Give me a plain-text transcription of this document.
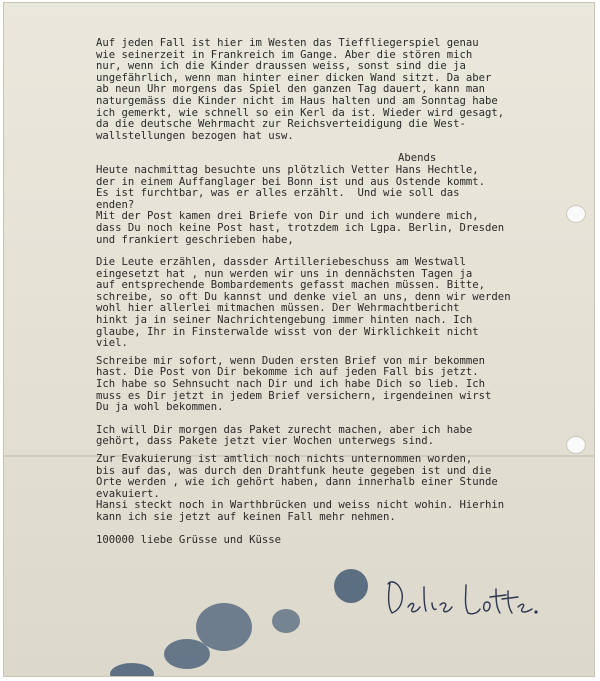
Auf jeden Fall ist hier im Westen das Tieffliegerspiel genau
wie seinerzeit in Frankreich im Gange. Aber die stören mich
nur, wenn ich die Kinder draussen weiss, sonst sind die ja
ungefährlich, wenn man hinter einer dicken Wand sitzt. Da aber
ab neun Uhr morgens das Spiel den ganzen Tag dauert, kann man
naturgemäss die Kinder nicht im Haus halten und am Sonntag habe
ich gemerkt, wie schnell so ein Kerl da ist. Wieder wird gesagt,
da die deutsche Wehrmacht zur Reichsverteidigung die West-
wallstellungen bezogen hat usw.
Abends
Heute nachmittag besuchte uns plötzlich Vetter Hans Hechtle,
der in einem Auffanglager bei Bonn ist und aus Ostende kommt.
Es ist furchtbar, was er alles erzählt.  Und wie soll das
enden?
Mit der Post kamen drei Briefe von Dir und ich wundere mich,
dass Du noch keine Post hast, trotzdem ich Lgpa. Berlin, Dresden
und frankiert geschrieben habe,
Die Leute erzählen, dassder Artilleriebeschuss am Westwall
eingesetzt hat , nun werden wir uns in dennächsten Tagen ja
auf entsprechende Bombardements gefasst machen müssen. Bitte,
schreibe, so oft Du kannst und denke viel an uns, denn wir werden
wohl hier allerlei mitmachen müssen. Der Wehrmachtbericht
hinkt ja in seiner Nachrichtengebung immer hinten nach. Ich
glaube, Ihr in Finsterwalde wisst von der Wirklichkeit nicht
viel.
Schreibe mir sofort, wenn Duden ersten Brief von mir bekommen
hast. Die Post von Dir bekomme ich auf jeden Fall bis jetzt.
Ich habe so Sehnsucht nach Dir und ich habe Dich so lieb. Ich
muss es Dir jetzt in jedem Brief versichern, irgendeinen wirst
Du ja wohl bekommen.
Ich will Dir morgen das Paket zurecht machen, aber ich habe
gehört, dass Pakete jetzt vier Wochen unterwegs sind.
Zur Evakuierung ist amtlich noch nichts unternommen worden,
bis auf das, was durch den Drahtfunk heute gegeben ist und die
Orte werden , wie ich gehört haben, dann innerhalb einer Stunde
evakuiert.
Hansi steckt noch in Warthbrücken und weiss nicht wohin. Hierhin
kann ich sie jetzt auf keinen Fall mehr nehmen.
100000 liebe Grüsse und Küsse
